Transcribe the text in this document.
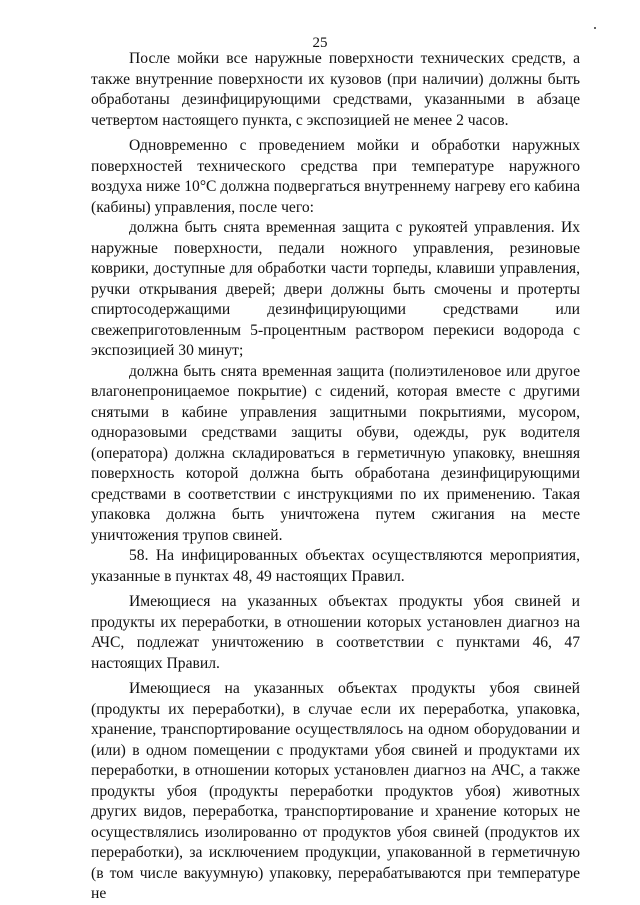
25

После мойки все наружные поверхности технических средств, а также внутренние поверхности их кузовов (при наличии) должны быть обработаны дезинфицирующими средствами, указанными в абзаце четвертом настоящего пункта, с экспозицией не менее 2 часов.

Одновременно с проведением мойки и обработки наружных поверхностей технического средства при температуре наружного воздуха ниже 10°C должна подвергаться внутреннему нагреву его кабина (кабины) управления, после чего:

должна быть снята временная защита с рукоятей управления. Их наружные поверхности, педали ножного управления, резиновые коврики, доступные для обработки части торпеды, клавиши управления, ручки открывания дверей; двери должны быть смочены и протерты спиртосодержащими дезинфицирующими средствами или свежеприготовленным 5-процентным раствором перекиси водорода с экспозицией 30 минут;

должна быть снята временная защита (полиэтиленовое или другое влагонепроницаемое покрытие) с сидений, которая вместе с другими снятыми в кабине управления защитными покрытиями, мусором, одноразовыми средствами защиты обуви, одежды, рук водителя (оператора) должна складироваться в герметичную упаковку, внешняя поверхность которой должна быть обработана дезинфицирующими средствами в соответствии с инструкциями по их применению. Такая упаковка должна быть уничтожена путем сжигания на месте уничтожения трупов свиней.

58. На инфицированных объектах осуществляются мероприятия, указанные в пунктах 48, 49 настоящих Правил.

Имеющиеся на указанных объектах продукты убоя свиней и продукты их переработки, в отношении которых установлен диагноз на АЧС, подлежат уничтожению в соответствии с пунктами 46, 47 настоящих Правил.

Имеющиеся на указанных объектах продукты убоя свиней (продукты их переработки), в случае если их переработка, упаковка, хранение, транспортирование осуществлялось на одном оборудовании и (или) в одном помещении с продуктами убоя свиней и продуктами их переработки, в отношении которых установлен диагноз на АЧС, а также продукты убоя (продукты переработки продуктов убоя) животных других видов, переработка, транспортирование и хранение которых не осуществлялись изолированно от продуктов убоя свиней (продуктов их переработки), за исключением продукции, упакованной в герметичную (в том числе вакуумную) упаковку, перерабатываются при температуре не
